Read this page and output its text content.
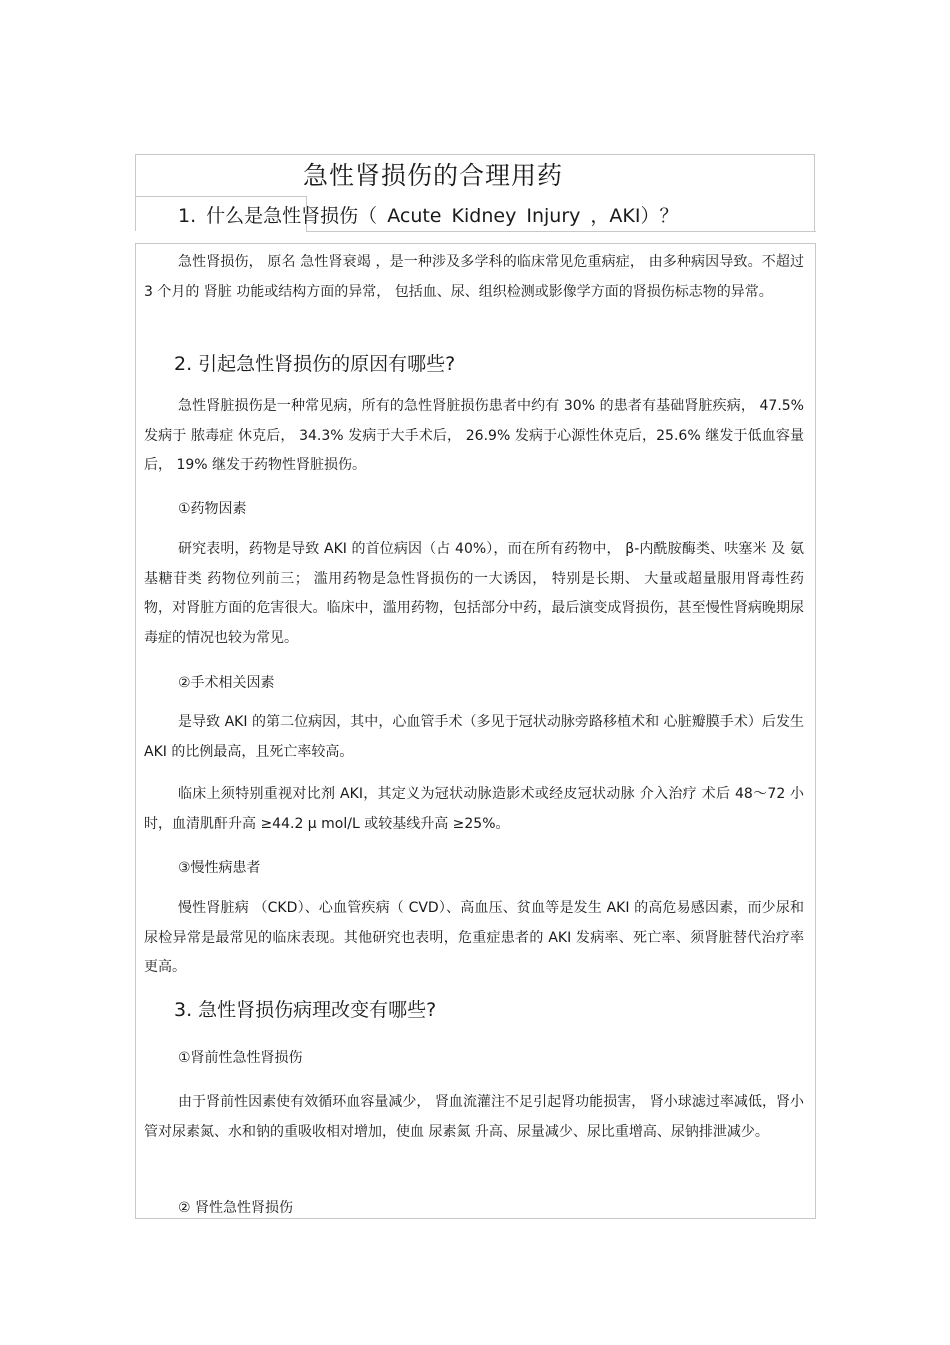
急性肾损伤的合理用药
1. 什么是急性肾损伤（ Acute Kidney Injury ，AKI）？
急性肾损伤， 原名 急性肾衰竭 ，是一种涉及多学科的临床常见危重病症， 由多种病因导致。不超过 3 个月的 肾脏 功能或结构方面的异常， 包括血、尿、组织检测或影像学方面的肾损伤标志物的异常。
2. 引起急性肾损伤的原因有哪些?
急性肾脏损伤是一种常见病，所有的急性肾脏损伤患者中约有 30% 的患者有基础肾脏疾病， 47.5% 发病于 脓毒症 休克后， 34.3% 发病于大手术后， 26.9% 发病于心源性休克后，25.6% 继发于低血容量后， 19% 继发于药物性肾脏损伤。
①药物因素
研究表明，药物是导致 AKI 的首位病因（占 40%），而在所有药物中， β-内酰胺酶类、呋塞米 及 氨基糖苷类 药物位列前三； 滥用药物是急性肾损伤的一大诱因， 特别是长期、 大量或超量服用肾毒性药物，对肾脏方面的危害很大。临床中，滥用药物，包括部分中药，最后演变成肾损伤，甚至慢性肾病晚期尿毒症的情况也较为常见。
②手术相关因素
是导致 AKI 的第二位病因，其中，心血管手术（多见于冠状动脉旁路移植术和 心脏瓣膜手术）后发生 AKI 的比例最高，且死亡率较高。
临床上须特别重视对比剂 AKI，其定义为冠状动脉造影术或经皮冠状动脉 介入治疗 术后 48～72 小时，血清肌酐升高 ≥44.2 μ mol/L 或较基线升高 ≥25%。
③慢性病患者
慢性肾脏病 （CKD）、心血管疾病（ CVD）、高血压、贫血等是发生 AKI 的高危易感因素，而少尿和尿检异常是最常见的临床表现。其他研究也表明，危重症患者的 AKI 发病率、死亡率、须肾脏替代治疗率更高。
3. 急性肾损伤病理改变有哪些?
①肾前性急性肾损伤
由于肾前性因素使有效循环血容量减少， 肾血流灌注不足引起肾功能损害， 肾小球滤过率减低，肾小管对尿素氮、水和钠的重吸收相对增加，使血 尿素氮 升高、尿量减少、尿比重增高、尿钠排泄减少。
② 肾性急性肾损伤
